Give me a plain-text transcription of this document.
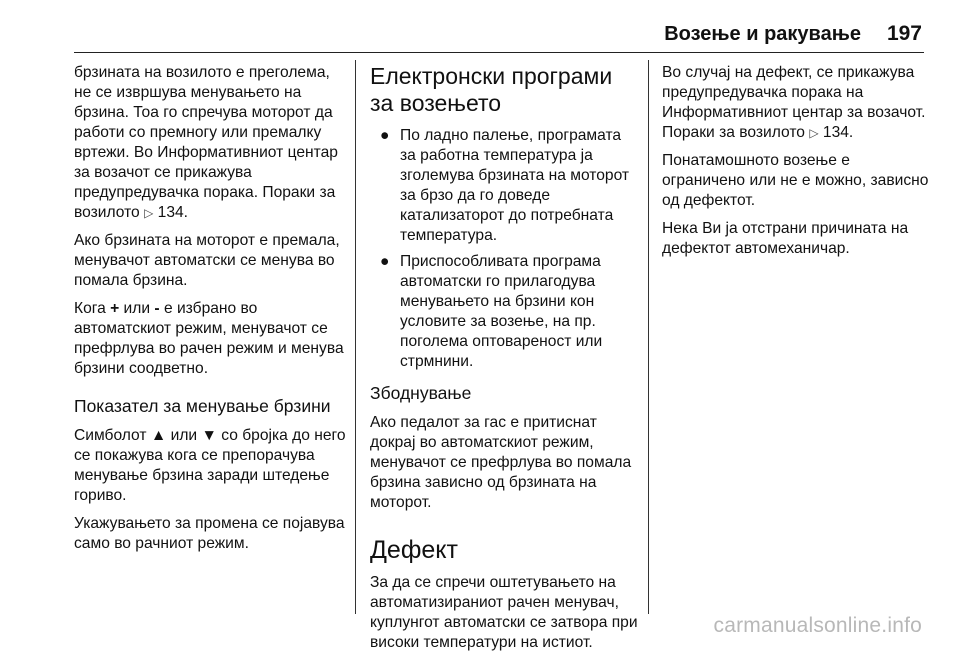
Возење и ракување 197

брзината на возилото е преголема, не се извршува менувањето на брзина. Тоа го спречува моторот да работи со премногу или премалку вртежи. Во Информативниот центар за возачот се прикажува предупредувачка порака. Пораки за возилото ▷ 134.

Ако брзината на моторот е премала, менувачот автоматски се менува во помала брзина.

Кога + или - е избрано во автоматскиот режим, менувачот се префрлува во рачен режим и менува брзини соодветно.

Показател за менување брзини

Симболот ▲ или ▼ со бројка до него се покажува кога се препорачува менување брзина заради штедење гориво.

Укажувањето за промена се појавува само во рачниот режим.

Електронски програми за возењето
● По ладно палење, програмата за работна температура ја зголемува брзината на моторот за брзо да го доведе катализаторот до потребната температура.
● Приспособливата програма автоматски го прилагодува менувањето на брзини кон условите за возење, на пр. поголема оптовареност или стрмнини.
Збоднување

Ако педалот за гас е притиснат докрај во автоматскиот режим, менувачот се префрлува во помала брзина зависно од брзината на моторот.

Дефект

За да се спречи оштетувањето на автоматизираниот рачен менувач, куплунгот автоматски се затвора при високи температури на истиот.

Во случај на дефект, се прикажува предупредувачка порака на Информативниот центар за возачот. Пораки за возилото ▷ 134.

Понатамошното возење е ограничено или не е можно, зависно од дефектот.

Нека Ви ја отстрани причината на дефектот автомеханичар.

carmanualsonline.info
